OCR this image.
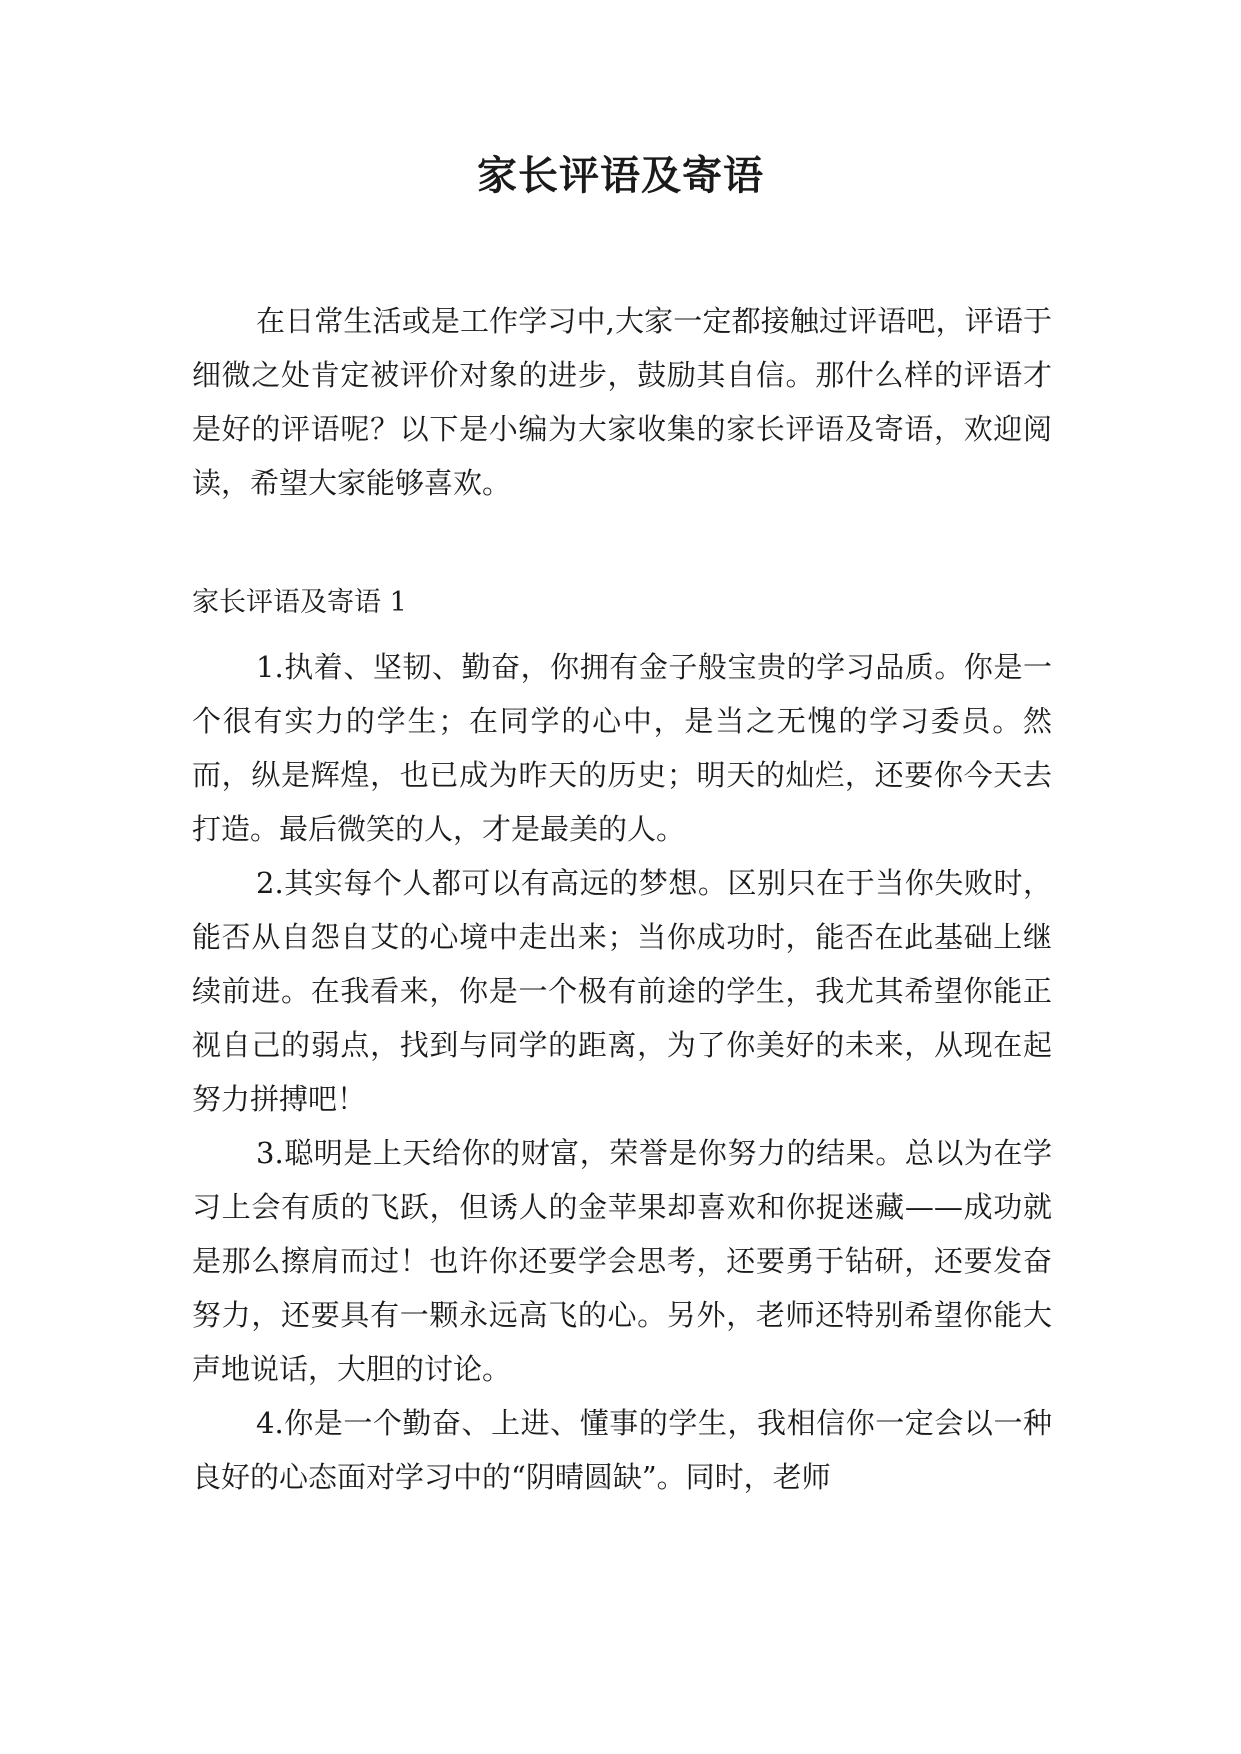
家长评语及寄语

在日常生活或是工作学习中,大家一定都接触过评语吧，评语于细微之处肯定被评价对象的进步，鼓励其自信。那什么样的评语才是好的评语呢？以下是小编为大家收集的家长评语及寄语，欢迎阅读，希望大家能够喜欢。

家长评语及寄语 1

1.执着、坚韧、勤奋，你拥有金子般宝贵的学习品质。你是一个很有实力的学生；在同学的心中，是当之无愧的学习委员。然而，纵是辉煌，也已成为昨天的历史；明天的灿烂，还要你今天去打造。最后微笑的人，才是最美的人。

2.其实每个人都可以有高远的梦想。区别只在于当你失败时，能否从自怨自艾的心境中走出来；当你成功时，能否在此基础上继续前进。在我看来，你是一个极有前途的学生，我尤其希望你能正视自己的弱点，找到与同学的距离，为了你美好的未来，从现在起努力拼搏吧！

3.聪明是上天给你的财富，荣誉是你努力的结果。总以为在学习上会有质的飞跃，但诱人的金苹果却喜欢和你捉迷藏——成功就是那么擦肩而过！也许你还要学会思考，还要勇于钻研，还要发奋努力，还要具有一颗永远高飞的心。另外，老师还特别希望你能大声地说话，大胆的讨论。

4.你是一个勤奋、上进、懂事的学生，我相信你一定会以一种良好的心态面对学习中的“阴晴圆缺”。同时，老师
